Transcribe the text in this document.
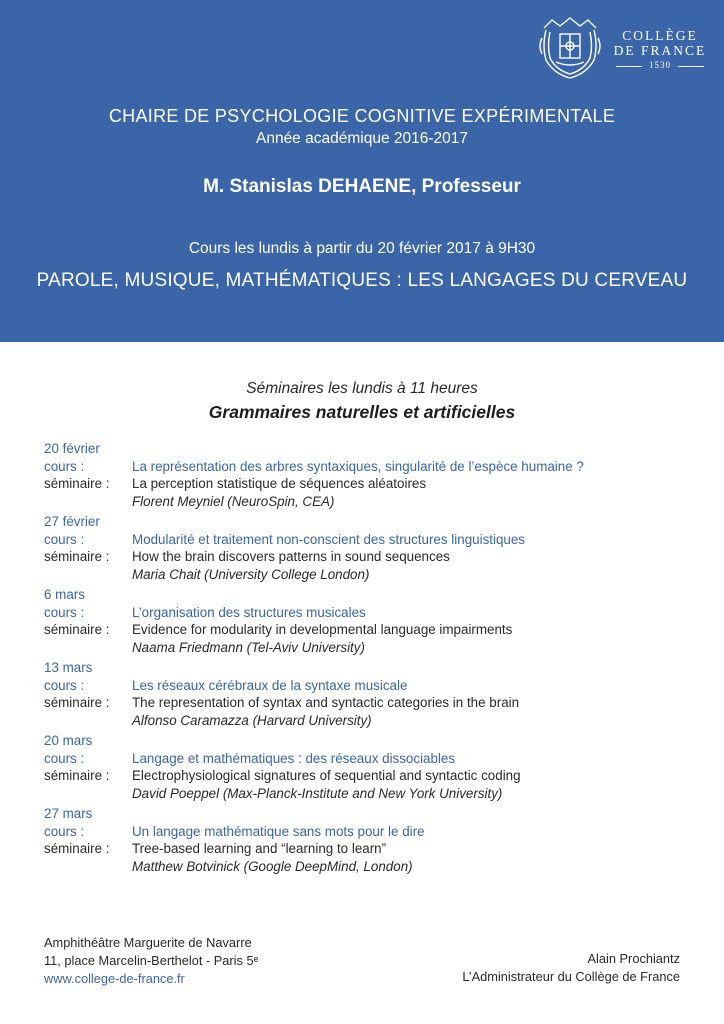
COLLÈGE
DE FRANCE
1530
CHAIRE DE PSYCHOLOGIE COGNITIVE EXPÉRIMENTALE
Année académique 2016-2017
M. Stanislas DEHAENE, Professeur
Cours les lundis à partir du 20 février 2017 à 9H30
PAROLE, MUSIQUE, MATHÉMATIQUES : LES LANGAGES DU CERVEAU
Séminaires les lundis à 11 heures
Grammaires naturelles et artificielles
20 février
cours :	La représentation des arbres syntaxiques, singularité de l’espèce humaine ?
séminaire : La perception statistique de séquences aléatoires
Florent Meyniel (NeuroSpin, CEA)
27 février
cours :	Modularité et traitement non-conscient des structures linguistiques
séminaire : How the brain discovers patterns in sound sequences
Maria Chait (University College London)
6 mars
cours :	L’organisation des structures musicales
séminaire : Evidence for modularity in developmental language impairments
Naama Friedmann (Tel-Aviv University)
13 mars
cours :	Les réseaux cérébraux de la syntaxe musicale
séminaire : The representation of syntax and syntactic categories in the brain
Alfonso Caramazza (Harvard University)
20 mars
cours :	Langage et mathématiques : des réseaux dissociables
séminaire : Electrophysiological signatures of sequential and syntactic coding
David Poeppel (Max-Planck-Institute and New York University)
27 mars
cours :	Un langage mathématique sans mots pour le dire
séminaire : Tree-based learning and “learning to learn”
Matthew Botvinick (Google DeepMind, London)
Amphithéâtre Marguerite de Navarre
11, place Marcelin-Berthelot - Paris 5ᵉ
www.college-de-france.fr
Alain Prochiantz
L’Administrateur du Collège de France
